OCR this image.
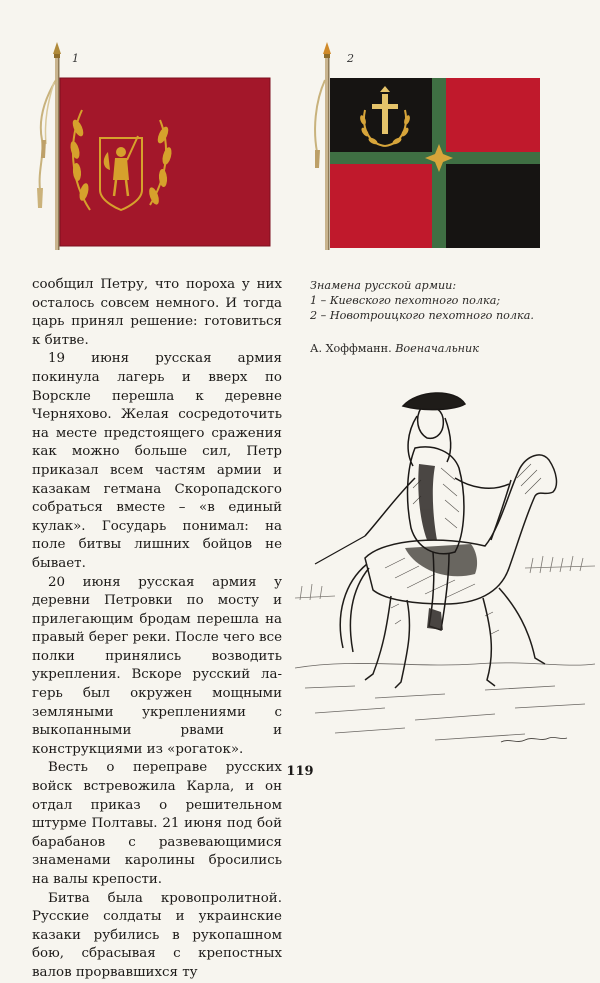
1	2

сообщил Петру, что пороха у них осталось совсем немного. И тогда царь принял решение: готовиться к битве.

19 июня русская армия покинула лагерь и вверх по Ворскле перешла к деревне Черняхово. Желая сосредоточить на месте предстоящего сражения как можно больше сил, Петр приказал всем частям армии и казакам гетмана Скоропадского собраться вместе – «в единый кулак». Государь понимал: на поле битвы лишних бойцов не бывает.

20 июня русская армия у деревни Петровки по мосту и прилегающим бродам перешла на правый берег реки. После чего все полки принялись возводить укрепления. Вскоре русский лагерь был окружен мощными земляными укреплениями с выкопанными рвами и конструкциями из «рогаток».

Весть о переправе русских войск встревожила Карла, и он отдал приказ о решительном штурме Полтавы. 21 июня под бой барабанов с развевающимися знаменами каролины бросились на валы крепости.

Битва была кровопролитной. Русские солдаты и украинские казаки рубились в рукопашном бою, сбрасывая с крепостных валов прорвавшихся ту

Знамена русской армии:
1 – Киевского пехотного полка;
2 – Новотроицкого пехотного полка.
А. Хоффманн. Военачальник
119
